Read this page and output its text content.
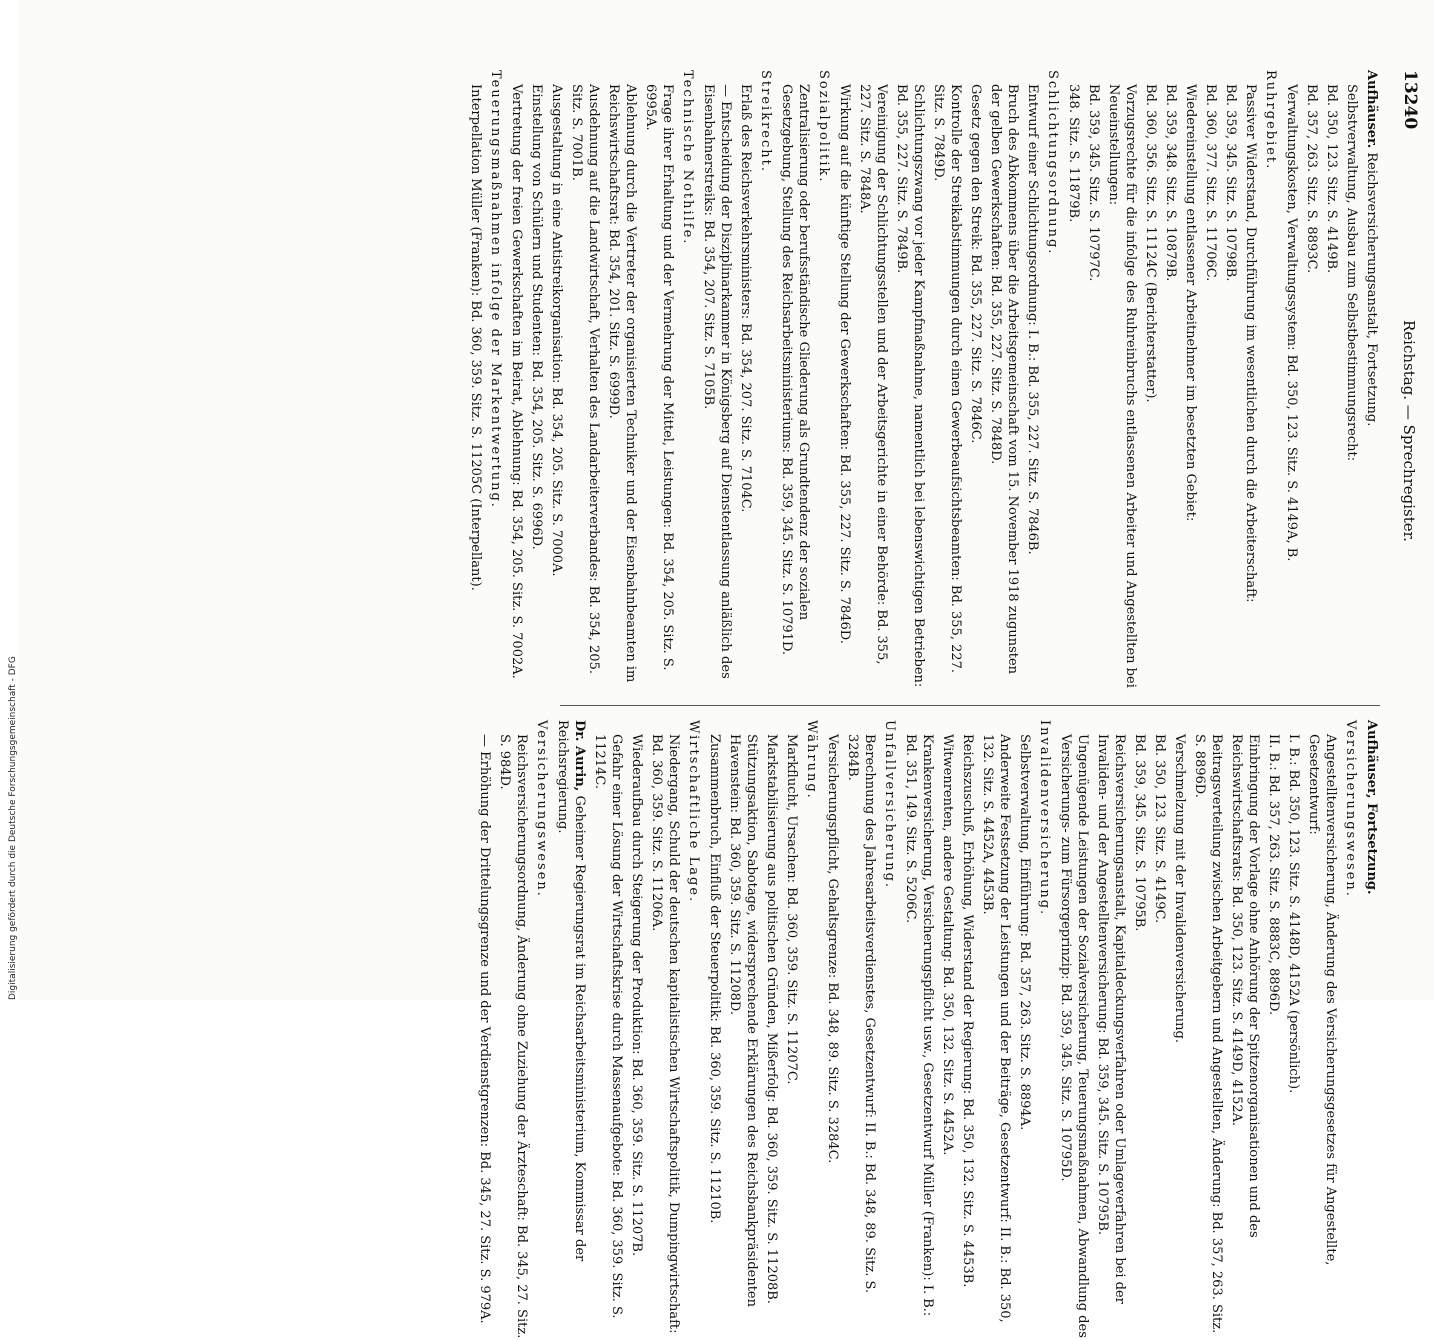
Digitalisierung gefördert durch die Deutsche Forschungsgemeinschaft - DFG
13240
Reichstag. — Sprechregister.
Aufhäuser. Reichsversicherungsanstalt, Fortsetzung.
Selbstverwaltung, Ausbau zum Selbstbestimmungsrecht:
Bd. 350, 123. Sitz. S. 4149B.
Bd. 357, 263. Sitz. S. 8893C.
Verwaltungskosten, Verwaltungssystem: Bd. 350, 123. Sitz. S. 4149A, B.
Ruhrgebiet.
Passiver Widerstand, Durchführung im wesentlichen durch die Arbeiterschaft:
Bd. 359, 345. Sitz. S. 10798B.
Bd. 360, 377. Sitz. S. 11706C.
Wiedereinstellung entlassener Arbeitnehmer im besetzten Gebiet:
Bd. 359, 348. Sitz. S. 10879B.
Bd. 360, 356. Sitz. S. 11124C (Berichterstatter).
Vorzugsrechte für die infolge des Ruhreinbruchs entlassenen Arbeiter und Angestellten bei Neueinstellungen:
Bd. 359, 345. Sitz. S. 10797C.
348. Sitz. S. 11879B.
Schlichtungsordnung.
Entwurf einer Schlichtungsordnung: I. B.: Bd. 355, 227. Sitz. S. 7846B.
Bruch des Abkommens über die Arbeitsgemeinschaft vom 15. November 1918 zugunsten der gelben Gewerkschaften: Bd. 355, 227. Sitz. S. 7848D.
Gesetz gegen den Streik: Bd. 355, 227. Sitz. S. 7846C.
Kontrolle der Streikabstimmungen durch einen Gewerbeaufsichtsbeamten: Bd. 355, 227. Sitz. S. 7849D.
Schlichtungszwang vor jeder Kampfmaßnahme, namentlich bei lebenswichtigen Betrieben: Bd. 355, 227. Sitz. S. 7849B.
Vereinigung der Schlichtungsstellen und der Arbeitsgerichte in einer Behörde: Bd. 355, 227. Sitz. S. 7848A.
Wirkung auf die künftige Stellung der Gewerkschaften: Bd. 355, 227. Sitz. S. 7846D.
Sozialpolitik.
Zentralisierung oder berufsständische Gliederung als Grundtendenz der sozialen Gesetzgebung, Stellung des Reichsarbeitsministeriums: Bd. 359, 345. Sitz. S. 10791D.
Streikrecht.
Erlaß des Reichsverkehrsministers: Bd. 354, 207. Sitz. S. 7104C.
— Entscheidung der Disziplinarkammer in Königsberg auf Dienstentlassung anläßlich des Eisenbahnerstreiks: Bd. 354, 207. Sitz. S. 7105B.
Technische Nothilfe.
Frage ihrer Erhaltung und der Vermehrung der Mittel, Leistungen: Bd. 354, 205. Sitz. S. 6995A.
Ablehnung durch die Vertreter der organisierten Techniker und der Eisenbahnbeamten im Reichswirtschaftsrat: Bd. 354, 201. Sitz. S. 6999D.
Ausdehnung auf die Landwirtschaft, Verhalten des Landarbeiterverbandes: Bd. 354, 205. Sitz. S. 7001B.
Ausgestaltung in eine Antistreikorganisation: Bd. 354, 205. Sitz. S. 7000A.
Einstellung von Schülern und Studenten: Bd. 354, 205. Sitz. S. 6996D.
Vertretung der freien Gewerkschaften im Beirat, Ablehnung: Bd. 354, 205. Sitz. S. 7002A.
Teuerungsmaßnahmen infolge der Markentwertung.
Interpellation Müller (Franken): Bd. 360, 359. Sitz. S. 11205C (Interpellant).
Aufhäuser, Fortsetzung.
Versicherungswesen.
Angestelltenversicherung, Änderung des Versicherungsgesetzes für Angestellte, Gesetzentwurf:
I. B.: Bd. 350, 123. Sitz. S. 4148D, 4152A (persönlich).
II. B.: Bd. 357, 263. Sitz. S. 8883C, 8896D.
Einbringung der Vorlage ohne Anhörung der Spitzenorganisationen und des Reichswirtschaftsrats: Bd. 350, 123. Sitz. S. 4149D, 4152A.
Beitragsverteilung zwischen Arbeitgebern und Angestellten, Änderung: Bd. 357, 263. Sitz. S. 8896D.
Verschmelzung mit der Invalidenversicherung.
Bd. 350, 123. Sitz. S. 4149C.
Bd. 359, 345. Sitz. S. 10795B.
Reichsversicherungsanstalt, Kapitaldeckungsverfahren oder Umlageverfahren bei der Invaliden- und der Angestelltenversicherung: Bd. 359, 345. Sitz. S. 10795B.
Ungenügende Leistungen der Sozialversicherung, Teuerungsmaßnahmen, Abwandlung des Versicherungs- zum Fürsorgeprinzip: Bd. 359, 345. Sitz. S. 10795D.
Invalidenversicherung.
Selbstverwaltung, Einführung: Bd. 357, 263. Sitz. S. 8894A.
Anderweite Festsetzung der Leistungen und der Beiträge, Gesetzentwurf: II. B.: Bd. 350, 132. Sitz. S. 4452A, 4453B.
Reichszuschuß, Erhöhung, Widerstand der Regierung: Bd. 350, 132. Sitz. S. 4453B.
Witwenrenten, andere Gestaltung: Bd. 350, 132. Sitz. S. 4452A.
Krankenversicherung, Versicherungspflicht usw., Gesetzentwurf Müller (Franken): I. B.: Bd. 351, 149. Sitz. S. 5206C.
Unfallversicherung.
Berechnung des Jahresarbeitsverdienstes, Gesetzentwurf: II. B.: Bd. 348, 89. Sitz. S. 3284B.
Versicherungspflicht, Gehaltsgrenze: Bd. 348, 89. Sitz. S. 3284C.
Währung.
Markflucht, Ursachen: Bd. 360, 359. Sitz. S. 11207C.
Markstabilisierung aus politischen Gründen, Mißerfolg: Bd. 360, 359. Sitz. S. 11208B.
Stützungsaktion, Sabotage, widersprechende Erklärungen des Reichsbankpräsidenten Havenstein: Bd. 360, 359. Sitz. S. 11208D.
Zusammenbruch, Einfluß der Steuerpolitik: Bd. 360, 359. Sitz. S. 11210B.
Wirtschaftliche Lage.
Niedergang, Schuld der deutschen kapitalistischen Wirtschaftspolitik, Dumpingwirtschaft: Bd. 360, 359. Sitz. S. 11206A.
Wiederaufbau durch Steigerung der Produktion: Bd. 360, 359. Sitz. S. 11207B.
Gefahr einer Lösung der Wirtschaftskrise durch Massenaufgebote: Bd. 360, 359. Sitz. S. 11214C.
Dr. Aurin, Geheimer Regierungsrat im Reichsarbeitsministerium, Kommissar der Reichsregierung.
Versicherungswesen.
Reichsversicherungsordnung, Änderung ohne Zuziehung der Ärzteschaft: Bd. 345, 27. Sitz. S. 984D.
— Erhöhung der Drittelungsgrenze und der Verdienstgrenzen: Bd. 345, 27. Sitz. S. 979A.
